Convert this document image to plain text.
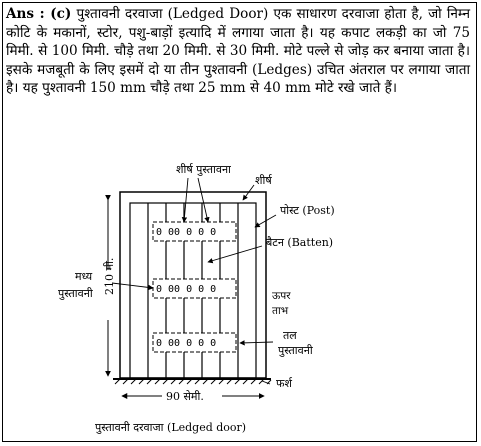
Ans : (c) पुश्तावनी दरवाजा (Ledged Door) एक साधारण दरवाजा होता है, जो निम्न कोटि के मकानों, स्टोर, पशु-बाड़ों इत्यादि में लगाया जाता है। यह कपाट लकड़ी का जो 75 मिमी. से 100 मिमी. चौड़े तथा 20 मिमी. से 30 मिमी. मोटे पल्ले से जोड़ कर बनाया जाता है। इसके मजबूती के लिए इसमें दो या तीन पुश्तावनी (Ledges) उचित अंतराल पर लगाया जाता है। यह पुश्तावनी 150 mm चौड़े तथा 25 mm से 40 mm मोटे रखे जाते हैं।
0 00 0 0 0
0 00 0 0 0
0 00 0 0 0
210 मी.
90 सेमी.
शीर्ष पुस्तावना
शीर्ष
पोस्ट (Post)
बैटन (Batten)
मध्य
पुस्तावनी	ऊपर
ताभ
तल
पुस्तावनी
फर्श
पुस्तावनी दरवाजा (Ledged door)
